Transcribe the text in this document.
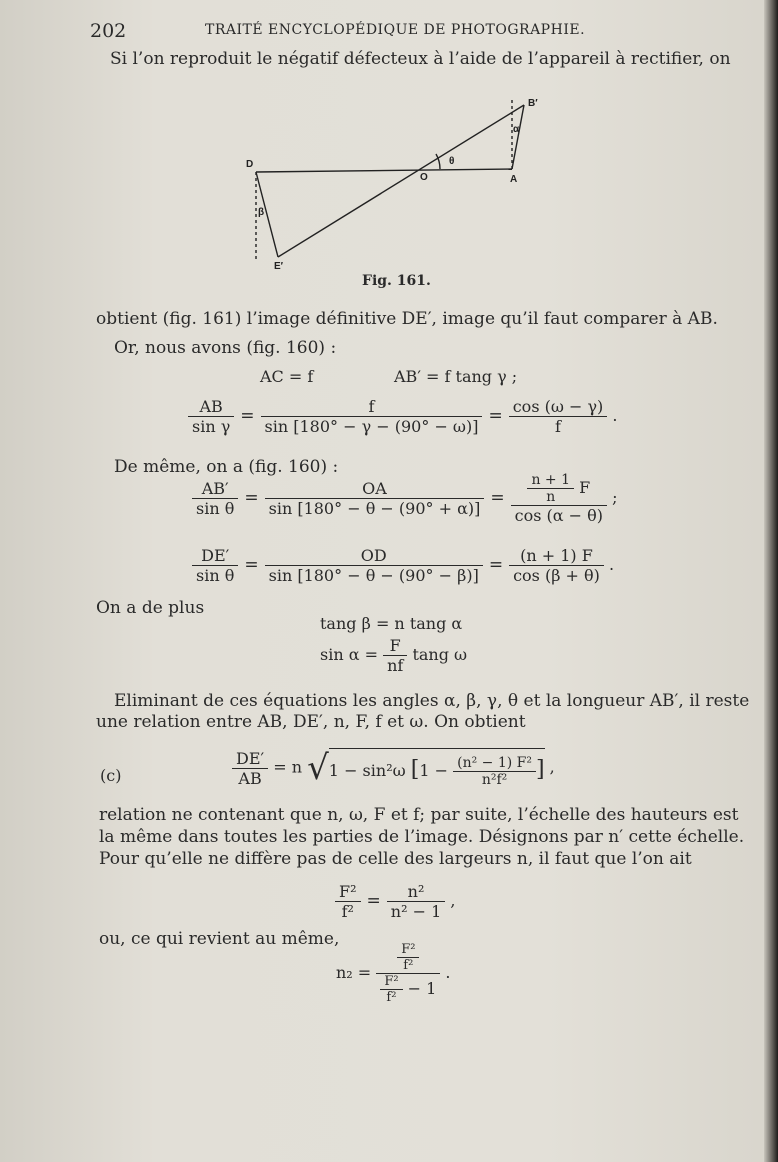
202	TRAITÉ ENCYCLOPÉDIQUE DE PHOTOGRAPHIE.
Si l’on reproduit le négatif défecteux à l’aide de l’appareil à rectifier, on
B′
D	θ
O	A
α
β
E′
Fig. 161.
obtient (fig. 161) l’image définitive DE′, image qu’il faut comparer à AB.
Or, nous avons (fig. 160) :
AC = f	AB′ = f tang γ ;
$\frac{AB}{\text{sin γ}} = \frac{f}{\sin [180^\circ - \gamma - (90^\circ - \omega)]} = \frac{\cos (\omega - \gamma)}{f}$ .
De même, on a (fig. 160) :
$\frac{AB'}{\text{sin θ}} = \frac{OA}{\sin [180^\circ - \theta - (90^\circ + \alpha)]} = \frac{\frac{n + 1}{n} F}{\cos (\alpha - \theta)}$ ;
$\frac{DE'}{\text{sin θ}} = \frac{OD}{\sin [180^\circ - \theta - (90^\circ - \beta)]} = \frac{(n + 1) F}{\cos (\beta + \theta)}$ .
On a de plus
tang β = n tang α
$\sin \alpha = \frac{F}{nf}$ tang ω
Eliminant de ces équations les angles α, β, γ, θ et la longueur AB′, il reste
une relation entre AB, DE′, n, F, f et ω. On obtient
(c)	$\frac{DE'}{AB} = n$ √1 − sin²ω [$1 - \frac{\text{(n² − 1) F²}}{\text{n²f²}}$ ] ,
relation ne contenant que n, ω, F et f; par suite, l’échelle des hauteurs est
la même dans toutes les parties de l’image. Désignons par n′ cette échelle.
Pour qu’elle ne diffère pas de celle des largeurs n, il faut que l’on ait
$\frac{\text{F²}}{\text{f²}} = \frac{\text{n²}}{\text{n² − 1}}$ ,
ou, ce qui revient au même,
$n_2 = \frac{\frac{\text{F²}}{\text{f²}}}{\frac{\text{F²}}{\text{f²}} - 1}$ .
